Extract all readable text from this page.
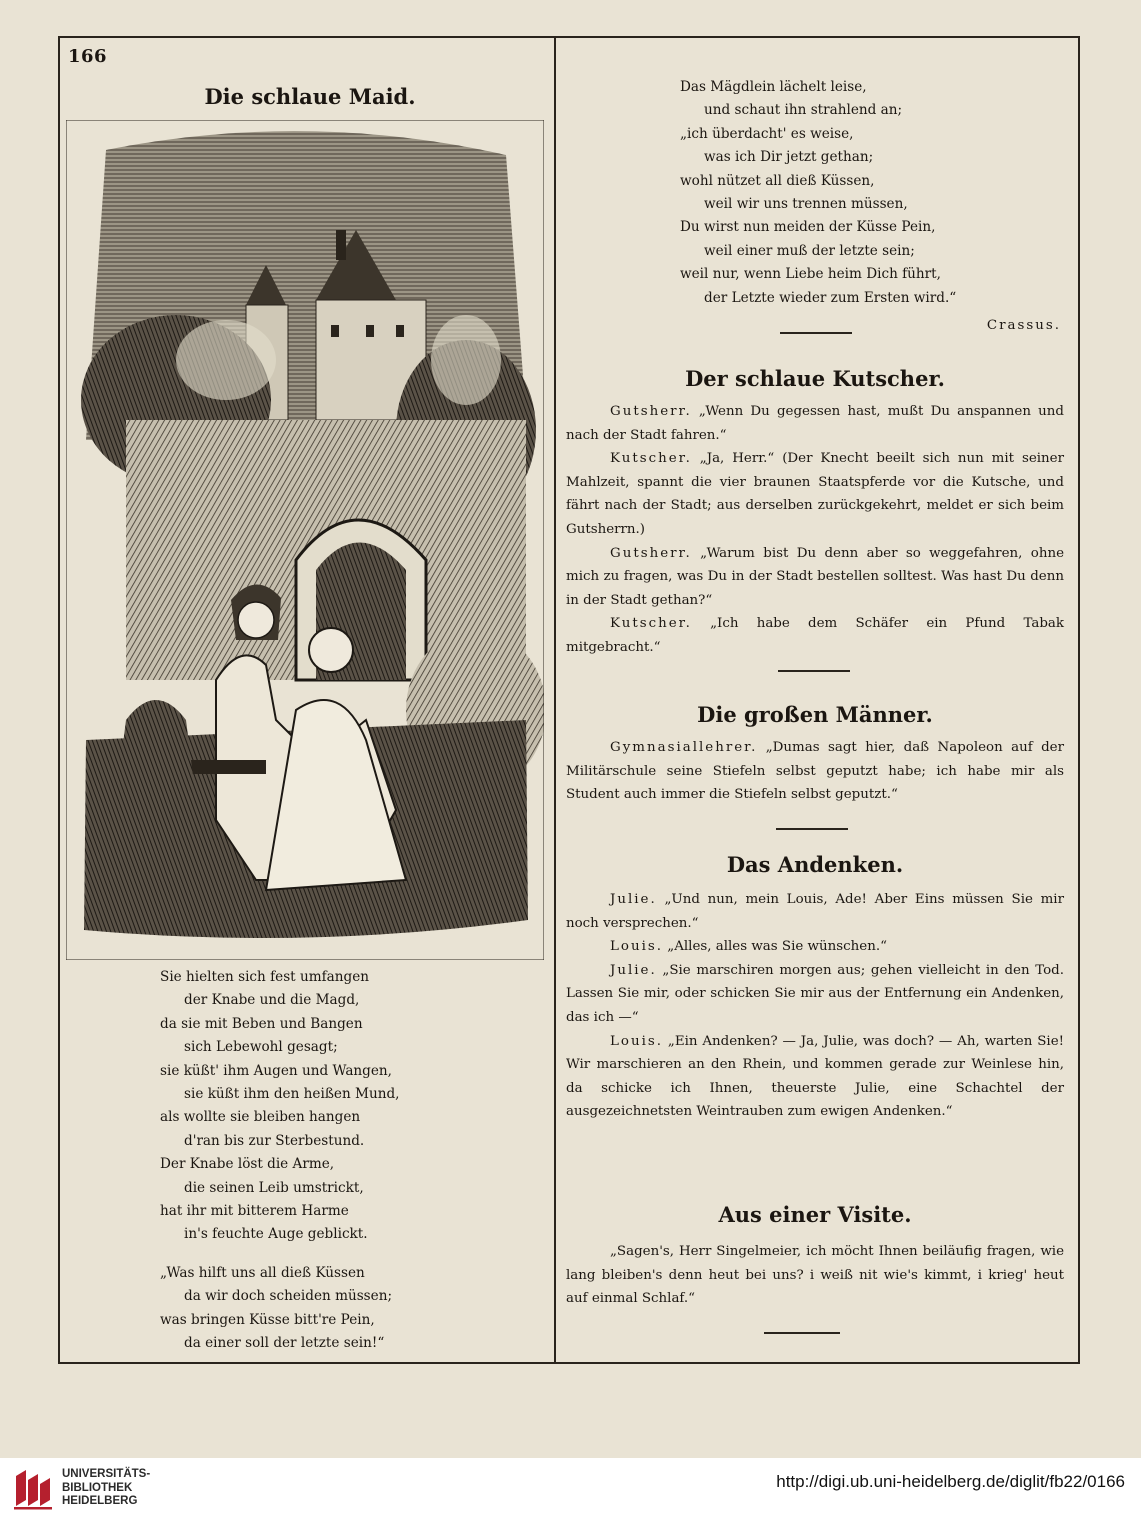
166
Die schlaue Maid.
Sie hielten sich fest umfangen
der Knabe und die Magd,
da sie mit Beben und Bangen
sich Lebewohl gesagt;
sie küßt' ihm Augen und Wangen,
sie küßt ihm den heißen Mund,
als wollte sie bleiben hangen
d'ran bis zur Sterbestund.
Der Knabe löst die Arme,
die seinen Leib umstrickt,
hat ihr mit bitterem Harme
in's feuchte Auge geblickt.
„Was hilft uns all dieß Küssen
da wir doch scheiden müssen;
was bringen Küsse bitt're Pein,
da einer soll der letzte sein!“
Das Mägdlein lächelt leise,
und schaut ihn strahlend an;
„ich überdacht' es weise,
was ich Dir jetzt gethan;
wohl nützet all dieß Küssen,
weil wir uns trennen müssen,
Du wirst nun meiden der Küsse Pein,
weil einer muß der letzte sein;
weil nur, wenn Liebe heim Dich führt,
der Letzte wieder zum Ersten wird.“
Crassus.
Der schlaue Kutscher.

Gutsherr. „Wenn Du gegessen hast, mußt Du anspannen und nach der Stadt fahren.“

Kutscher. „Ja, Herr.“ (Der Knecht beeilt sich nun mit seiner Mahlzeit, spannt die vier braunen Staatspferde vor die Kutsche, und fährt nach der Stadt; aus derselben zurückgekehrt, meldet er sich beim Gutsherrn.)

Gutsherr. „Warum bist Du denn aber so weggefahren, ohne mich zu fragen, was Du in der Stadt bestellen solltest. Was hast Du denn in der Stadt gethan?“

Kutscher. „Ich habe dem Schäfer ein Pfund Tabak mitgebracht.“

Die großen Männer.

Gymnasiallehrer. „Dumas sagt hier, daß Napoleon auf der Militärschule seine Stiefeln selbst geputzt habe; ich habe mir als Student auch immer die Stiefeln selbst geputzt.“

Das Andenken.

Julie. „Und nun, mein Louis, Ade! Aber Eins müssen Sie mir noch versprechen.“

Louis. „Alles, alles was Sie wünschen.“

Julie. „Sie marschiren morgen aus; gehen vielleicht in den Tod. Lassen Sie mir, oder schicken Sie mir aus der Entfernung ein Andenken, das ich —“

Louis. „Ein Andenken? — Ja, Julie, was doch? — Ah, warten Sie! Wir marschieren an den Rhein, und kommen gerade zur Weinlese hin, da schicke ich Ihnen, theuerste Julie, eine Schachtel der ausgezeichnetsten Weintrauben zum ewigen Andenken.“

Aus einer Visite.

„Sagen's, Herr Singelmeier, ich möcht Ihnen beiläufig fragen, wie lang bleiben's denn heut bei uns? i weiß nit wie's kimmt, i krieg' heut auf einmal Schlaf.“

UNIVERSITÄTS-
BIBLIOTHEK
HEIDELBERG
http://digi.ub.uni-heidelberg.de/diglit/fb22/0166
